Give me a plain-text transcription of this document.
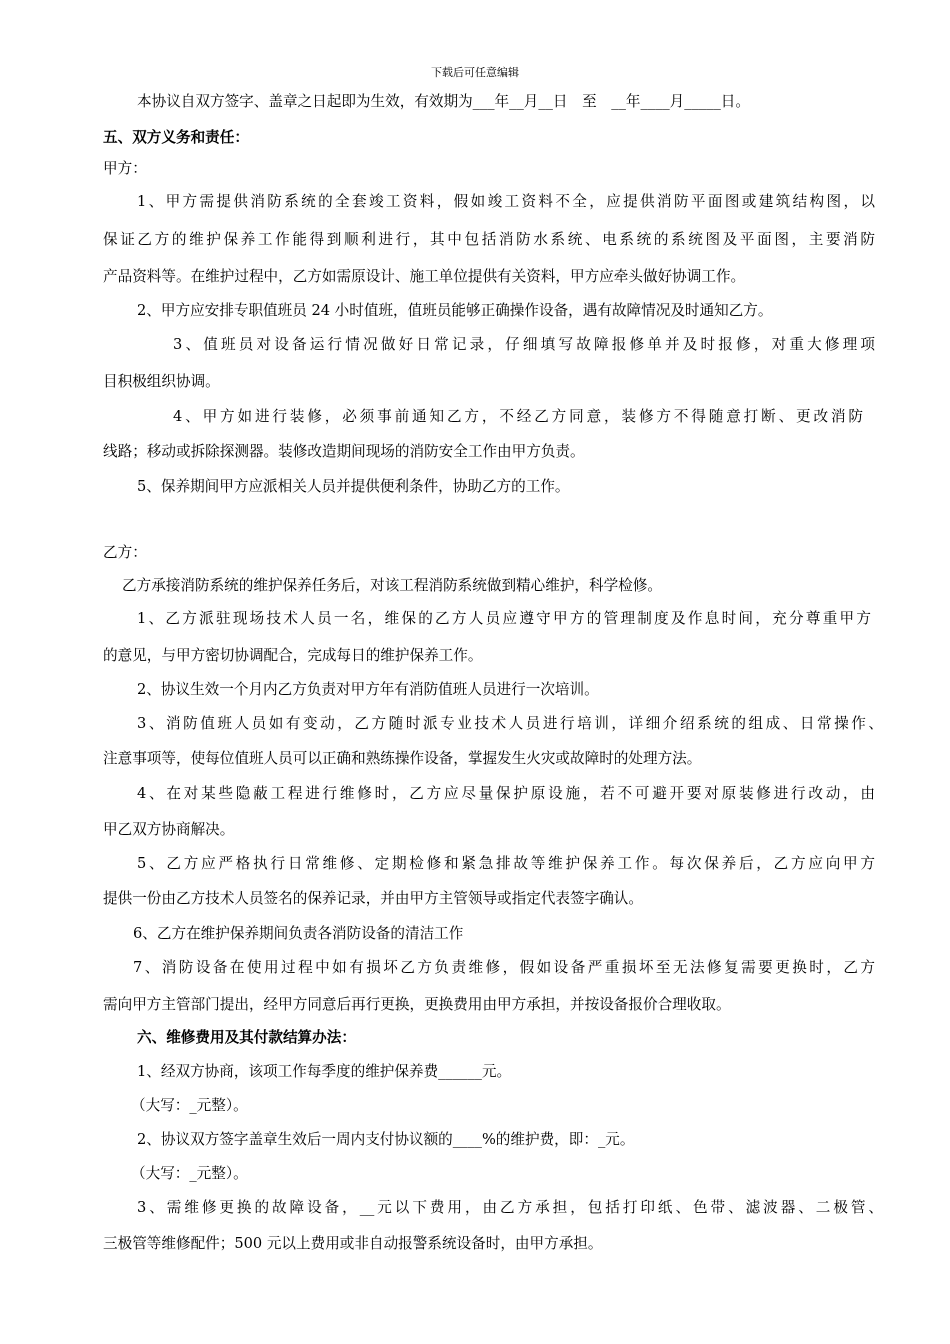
下载后可任意编辑
本协议自双方签字、盖章之日起即为生效，有效期为___年__月__日　至　__年____月_____日。
五、双方义务和责任：
甲方：
1、甲方需提供消防系统的全套竣工资料，假如竣工资料不全，应提供消防平面图或建筑结构图，以
保证乙方的维护保养工作能得到顺利进行，其中包括消防水系统、电系统的系统图及平面图，主要消防
产品资料等。在维护过程中，乙方如需原设计、施工单位提供有关资料，甲方应牵头做好协调工作。
2、甲方应安排专职值班员 24 小时值班，值班员能够正确操作设备，遇有故障情况及时通知乙方。
3、值班员对设备运行情况做好日常记录，仔细填写故障报修单并及时报修，对重大修理项
目积极组织协调。
4、甲方如进行装修，必须事前通知乙方，不经乙方同意，装修方不得随意打断、更改消防
线路；移动或拆除探测器。装修改造期间现场的消防安全工作由甲方负责。
5、保养期间甲方应派相关人员并提供便利条件，协助乙方的工作。
乙方：
乙方承接消防系统的维护保养任务后，对该工程消防系统做到精心维护，科学检修。
1、乙方派驻现场技术人员一名，维保的乙方人员应遵守甲方的管理制度及作息时间，充分尊重甲方
的意见，与甲方密切协调配合，完成每日的维护保养工作。
2、协议生效一个月内乙方负责对甲方年有消防值班人员进行一次培训。
3、消防值班人员如有变动，乙方随时派专业技术人员进行培训，详细介绍系统的组成、日常操作、
注意事项等，使每位值班人员可以正确和熟练操作设备，掌握发生火灾或故障时的处理方法。
4、在对某些隐蔽工程进行维修时，乙方应尽量保护原设施，若不可避开要对原装修进行改动，由
甲乙双方协商解决。
5、乙方应严格执行日常维修、定期检修和紧急排故等维护保养工作。每次保养后，乙方应向甲方
提供一份由乙方技术人员签名的保养记录，并由甲方主管领导或指定代表签字确认。
6、乙方在维护保养期间负责各消防设备的清洁工作
7、消防设备在使用过程中如有损坏乙方负责维修，假如设备严重损坏至无法修复需要更换时，乙方
需向甲方主管部门提出，经甲方同意后再行更换，更换费用由甲方承担，并按设备报价合理收取。
六、维修费用及其付款结算办法：
1、经双方协商，该项工作每季度的维护保养费______元。
（大写：_元整）。
2、协议双方签字盖章生效后一周内支付协议额的____%的维护费，即：_元。
（大写：_元整）。
3、需维修更换的故障设备，__元以下费用，由乙方承担，包括打印纸、色带、滤波器、二极管、
三极管等维修配件；500 元以上费用或非自动报警系统设备时，由甲方承担。
